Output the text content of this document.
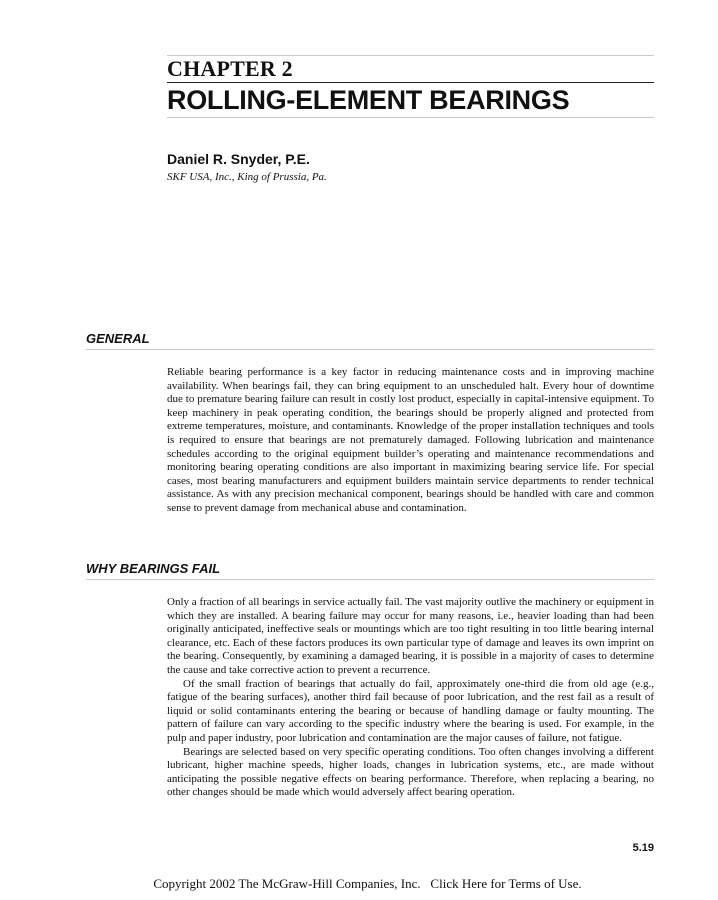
CHAPTER 2
ROLLING-ELEMENT BEARINGS
Daniel R. Snyder, P.E.
SKF USA, Inc., King of Prussia, Pa.
GENERAL

Reliable bearing performance is a key factor in reducing maintenance costs and in improving machine availability. When bearings fail, they can bring equipment to an unscheduled halt. Every hour of downtime due to premature bearing failure can result in costly lost product, especially in capital-intensive equipment. To keep machinery in peak operating condition, the bearings should be properly aligned and protected from extreme temperatures, moisture, and contaminants. Knowledge of the proper installation techniques and tools is required to ensure that bearings are not prematurely damaged. Following lubrication and maintenance schedules according to the original equipment builder’s operating and maintenance recommendations and monitoring bearing operating conditions are also important in maximizing bearing service life. For special cases, most bearing manufacturers and equipment builders maintain service departments to render technical assistance. As with any precision mechanical component, bearings should be handled with care and common sense to prevent damage from mechanical abuse and contamination.

WHY BEARINGS FAIL

Only a fraction of all bearings in service actually fail. The vast majority outlive the machinery or equipment in which they are installed. A bearing failure may occur for many reasons, i.e., heavier loading than had been originally anticipated, ineffective seals or mountings which are too tight resulting in too little bearing internal clearance, etc. Each of these factors produces its own particular type of damage and leaves its own imprint on the bearing. Consequently, by examining a damaged bearing, it is possible in a majority of cases to determine the cause and take corrective action to prevent a recurrence.

Of the small fraction of bearings that actually do fail, approximately one-third die from old age (e.g., fatigue of the bearing surfaces), another third fail because of poor lubrication, and the rest fail as a result of liquid or solid contaminants entering the bearing or because of handling damage or faulty mounting. The pattern of failure can vary according to the specific industry where the bearing is used. For example, in the pulp and paper industry, poor lubrication and contamination are the major causes of failure, not fatigue.

Bearings are selected based on very specific operating conditions. Too often changes involving a different lubricant, higher machine speeds, higher loads, changes in lubrication systems, etc., are made without anticipating the possible negative effects on bearing performance. Therefore, when replacing a bearing, no other changes should be made which would adversely affect bearing operation.

5.19
Copyright 2002 The McGraw-Hill Companies, Inc. Click Here for Terms of Use.
